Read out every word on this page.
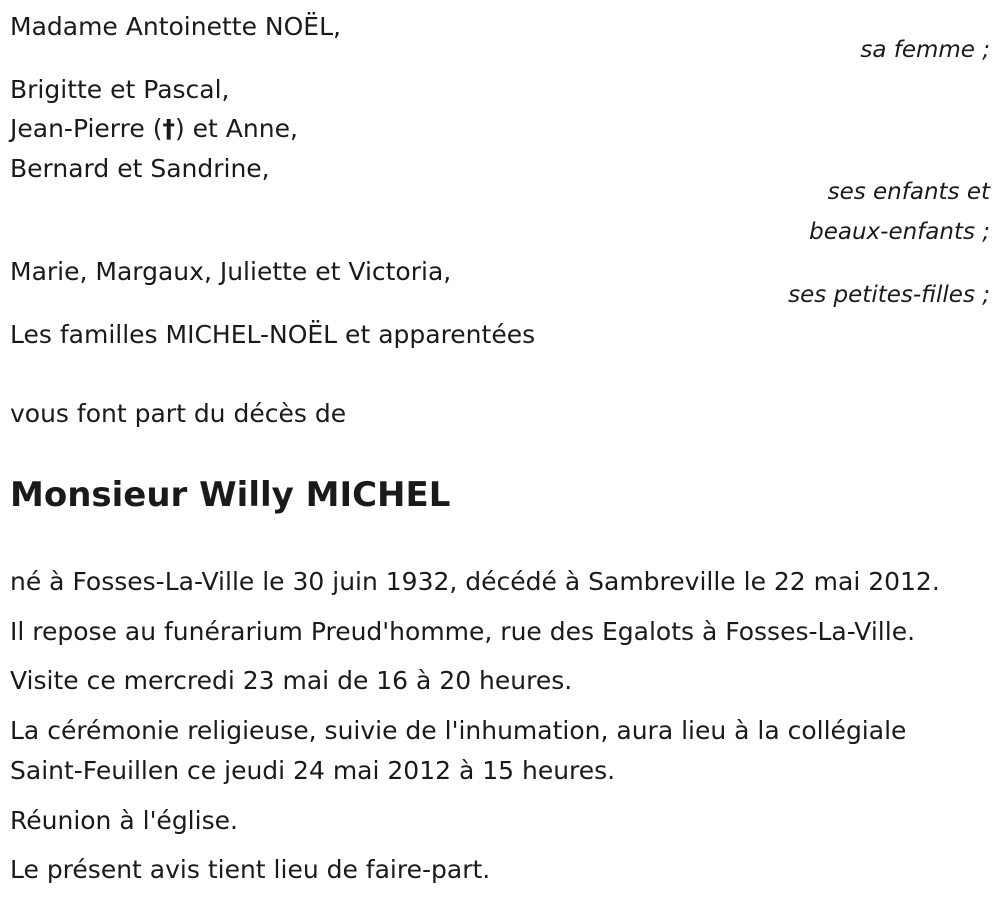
Madame Antoinette NOËL,
sa femme ;
Brigitte et Pascal,
Jean-Pierre (†) et Anne,
Bernard et Sandrine,
ses enfants et
beaux-enfants ;
Marie, Margaux, Juliette et Victoria,
ses petites-filles ;
Les familles MICHEL-NOËL et apparentées
vous font part du décès de
Monsieur Willy MICHEL
né à Fosses-La-Ville le 30 juin 1932, décédé à Sambreville le 22 mai 2012.
Il repose au funérarium Preud'homme, rue des Egalots à Fosses-La-Ville.
Visite ce mercredi 23 mai de 16 à 20 heures.
La cérémonie religieuse, suivie de l'inhumation, aura lieu à la collégiale
Saint-Feuillen ce jeudi 24 mai 2012 à 15 heures.
Réunion à l'église.
Le présent avis tient lieu de faire-part.
